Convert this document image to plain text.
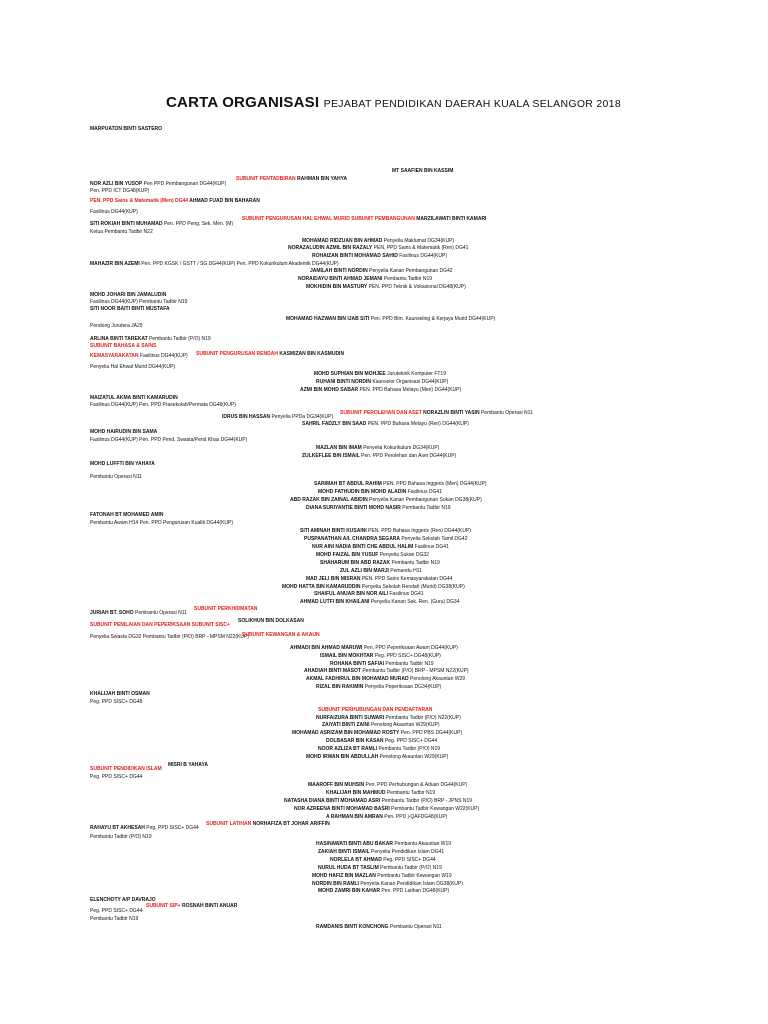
CARTA ORGANISASI PEJABAT PENDIDIKAN DAERAH KUALA SELANGOR 2018
MARPUATON BINTI SASTERO
MT SAAFIEN BIN KASSIM
NOR AZLI BIN YUSOP Pen PPD Pembangunan DG44(KUP)
SUBUNIT PENTADBIRAN RAHMAN BIN YAHYA
Pen. PPD ICT DG48(KUP)
PEN. PPD Sains & Matematik (Men) DG44 AHMAD FUAD BIN BAHARAN
Fasilinus DG44(KUP)
SITI ROKIAH BINTI MUHAMAD Pen. PPD Peng. Sek. Men. (M)
SUBUNIT PENGURUSAN HAL EHWAL MURID SUBUNIT PEMBANGUNAN MARZILAWATI BINTI KAMARI
Ketua Pembantu Tadbir N22
MOHAMAD RIDZUAN BIN AHMAD Penyelia Maklumat DG34(KUP)
NORAZALUDIN AZMIL BIN RAZALY PEN. PPD Sains & Matematik (Ren) DG41
ROHAIZAN BINTI MOHAMAD SAHID Fasilinus DG44(KUP)
MAHAZIR BIN AZEMI Pen. PPD KGSK / GSTT / SG DG44(KUP) Pen. PPD Kokurikulum Akademik DG44(KUP)
JAMILAH BINTI NORDIN Penyelia Kanan Pembangunan DG42
NORAIDAYU BINTI AHMAD JEMANI Pembantu Tadbir N19
MOKHIDIN BIN MASTURY PEN. PPD Teknik & Vokasional DG48(KUP)
MOHD JOHARI BIN JAMALUDIN
Fasilinus DG44(KUP) Pembantu Tadbir N19
SITI NOOR BAITI BINTI MUSTAFA
MOHAMAD HAZWAN BIN IJAB SITI Pen. PPD Bim. Kaunseling & Kerjaya Murid DG44(KUP)
Pendong Jurutera JA29
ARLINA BINTI TAREKAT Pembantu Tadbir (P/O) N19
SUBUNIT BAHASA & SAINS
KEMASYARAKATAN Fasilinus DG44(KUP) SUBUNIT PENGURUSAN RENDAH KASMIZAN BIN KASMUDIN
Penyelia Hal Ehwal Murid DG44(KUP)
MOHD SUPHIAN BIN MOHJEE Juruteknik Komputer FT19
RUHANI BINTI NORDIN Kaunselor Organisasi DG44(KUP)
AZMI BIN MOHD SABAR PEN. PPD Bahasa Melayu (Men) DG44(KUP)
MAIZATUL AKMA BINTI KAMARUDIN
Fasilinus DG44(KUP) Pen. PPD Prasekolah/Permata DG48(KUP)
IDRUS BIN HASSAN Penyelia PPDa DG34(KUP)
SUBUNIT PEROLEHAN DAN ASET NORAZLIN BINTI YASIN Pembantu Operasi N11
SAHRIL FADZLY BIN SAAD PEN. PPD Bahasa Melayu (Ren) DG44(KUP)
MOHD HAIRUDIN BIN SAMA
Fasilinus DG44(KUP) Pen. PPD Pend. Swasta/Pend Khas DG44(KUP)
MAZLAN BIN IMAM Penyelia Kokurikulum DG34(KUP)
ZULKEFLEE BIN ISMAIL Pen. PPD Perolehan dan Aset DG44(KUP)
MOHD LUFFTI BIN YAHAYA
Pembantu Operasi N11
SARIMAH BT ABDUL RAHIM PEN. PPD Bahasa Inggeris (Men) DG44(KUP)
MOHD FATHUDIN BIN MOHD ALADIN Fasilinus DG41
ABD RAZAK BIN ZAINAL ABIDIN Penyelia Kanan Pembangunan Sukan DG38(KUP)
DIANA SURIYANTIE BINTI MOHD NASIR Pembantu Tadbir N19
FATONAH BT MOHAMED AMIN
Pembantu Awam H14 Pen. PPD Pengurusan Kualiti DG44(KUP)
SITI AMINAH BINTI KUSAINI PEN. PPD Bahasa Inggeris (Ren) DG44(KUP)
PUSPANATHAN A/L CHANDRA SEGARA Penyelia Sekolah Tamil DG42
NUR AINI NADIA BINTI CHE ABDUL HALIM Fasilinus DG41
MOHD FAIZAL BIN YUSUF Penyelia Sukan DG32
SHAHARUM BIN ABD RAZAK Pembantu Tadbir N19
ZUL AZLI BIN MARJI Pemandu H11
MAD JELI BIN MISRAN PEN. PPD Sains Kemasyarakatan DG44
MOHD HATTA BIN KAMARUDDIN Penyelia Sekolah Rendah (Murid) DG38(KUP)
SHAIFUL ANUAR BIN NOR AILI Fasilinus DG41
AHMAD LUTFI BIN KHAILANI Penyelia Kanan Sek. Ren. (Guru) DG34
JURIAH BT. SOHO Pembantu Operasi N11
SUBUNIT PERKHIDMATAN
SUBUNIT PENILAIAN DAN PEPERIKSAAN SUBUNIT SISC+
SOLIKHUN BIN DOLKASAN
Penyelia Swasta DG32 Pembantu Tadbir (P/O) BRP - MPSM N22(KUP)
SUBUNIT KEWANGAN & AKAUN
AHMADI BIN AHMAD MARUWI Pen. PPD Peperiksaan Awam DG44(KUP)
ISMAIL BIN MOKHTAR Peg. PPD SISC+ DG48(KUP)
ROHANA BINTI SAFIAI Pembantu Tadbir N19
AHADIAH BINTI MASOT Pembantu Tadbir (P/O) BRP - MPSM N22(KUP)
AKMAL FADHIRUL BIN MOHAMAD MURAD Penolong Akauntan W29
RIZAL BIN RAKIMIN Penyelia Peperiksaan DG34(KUP)
KHALIJAH BINTI OSMAN
Peg. PPD SISC+ DG48
SUBUNIT PERHUBUNGAN DAN PENDAFTARAN
NURFAIZURA BINTI SUWARI Pembantu Tadbir (P/O) N22(KUP)
ZAIYATI BINTI ZAINI Penolong Akauntan W29(KUP)
MOHAMAD ASRIZAM BIN MOHAMAD ROSTY Pen. PPD PBS DG44(KUP)
DOLBASAR BIN KASAN Peg. PPD SISC+ DG44
NOOR AZLIZA BT RAMLI Pembantu Tadbir (P/O) N19
MOHD IRWAN BIN ABDULLAH Penolong Akauntan W29(KUP)
MISRI B YAHAYA
SUBUNIT PENDIDIKAN ISLAM
Peg. PPD SISC+ DG44
MAAROFF BIN MUHSIN Pen. PPD Perhubungan & Aduan DG44(KUP)
KHALIJAH BIN MAHMUD Pembantu Tadbir N19
NATASHA DIANA BINTI MOHAMAD ASRI Pembantu Tadbir (P/O) BRP - JPNS N19
NOR AZREENA BINTI MOHAMAD BASRI Pembantu Tadbir Kewangan W22(KUP)
A RAHMAN BIN AMRAN Pen. PPD j-QAFDG48(KUP)
RAHAYU BT AKHESAH Peg. PPD SISC+ DG44
SUBUNIT LATIHAN NORHAFIZA BT JOHAR ARIFFIN
Pembantu Tadbir (P/O) N19
HASINAWATI BINTI ABU BAKAR Pembantu Akauntan W19
ZAKIAH BINTI ISMAIL Penyelia Pendidikan Islam DG41
NORLELA BT AHMAD Peg. PPD SISC+ DG44
NURUL HUDA BT TASLIM Pembantu Tadbir (P/O) N19
MOHD HAFIZ BIN MAZLAN Pembantu Tadbir Kewangan W19
NORDIN BIN RAMLI Penyelia Kanan Pendidikan Islam DG38(KUP)
MOHD ZAMRI BIN KAHAR Pen. PPD Latihan DG48(KUP)
ELENCHOTY A/P DAVRAJO
Peg. PPD SISC+ DG44
SUBUNIT SIP+ ROSNAH BINTI ANUAR
Pembantu Tadbir N19
RAMDANIS BINTI KONCHONG Pembantu Operasi N11
